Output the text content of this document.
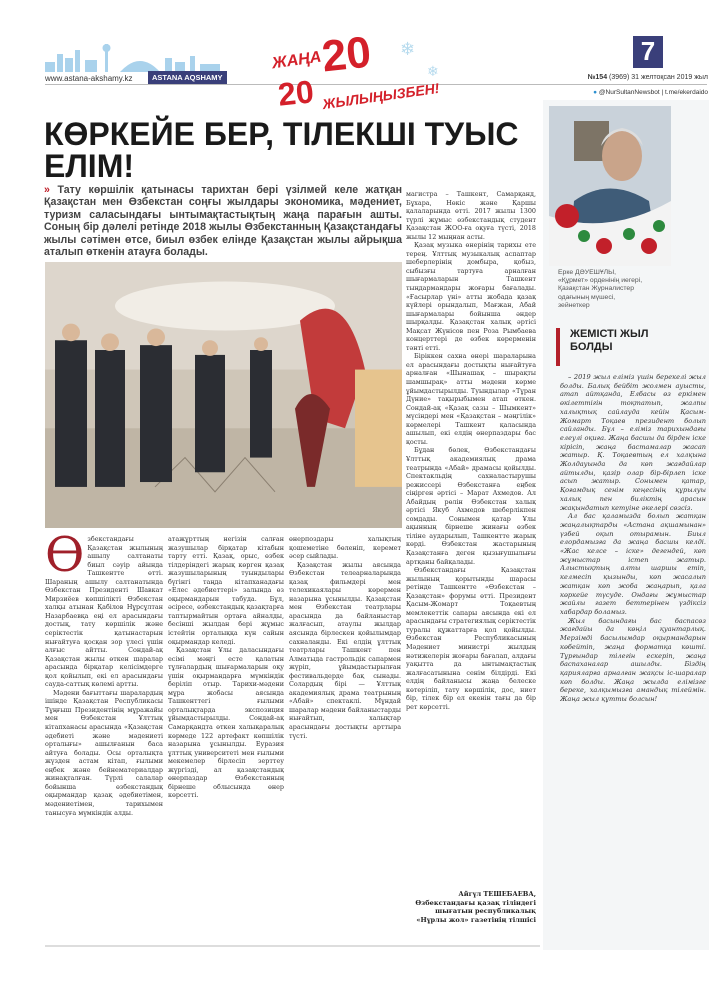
www.astana-akshamy.kz	ASTANA AQSHAMY
ЖАҢА
20
20 ЖЫЛЫҢЫЗБЕН!
❄
❄
7
№154 (3969) 31 желтоқсан 2019 жыл
● @NurSultanNewsbot | t.me/ekerdaido
КӨРКЕЙЕ БЕР, ТІЛЕКШІ ТУЫС ЕЛІМ!
» Тату көршілік қатынасы тарихтан бері үзілмей келе жатқан Қазақстан мен Өзбекстан соңғы жылдары экономика, мәдениет, туризм саласындағы ынтымақтастықтың жаңа парағын ашты. Соның бір дәлелі ретінде 2018 жылы Өзбекстанның Қазақстандағы жылы сәтімен өтсе, биыл өзбек елінде Қазақстан жылы айрықша аталып өткенін атауға болады.
Ө збекстандағы Қазақстан жылының ашылу салтанаты биыл сәуір айында Ташкентте өтті. Шараның ашылу салтанатында Өзбекстан Президенті Шавкат Мирзиёев көпшілікті Өзбекстан халқы атынан Қабілов Нұрсұлтан Назарбаевқа еңі ел арасындағы достық, тату көршілік және серіктестік қатынастарын нығайтуға қосқан зор үлесі үшін алғыс айтты. Сондай-ақ Қазақстан жылы өткен шаралар арасында бірқатар келісімдерге қол қойылып, екі ел арасындағы сауда-саттық көлемі артты.

Мәдени бағыттағы шаралардың ішінде Қазақстан Республикасы Тұңғыш Президентінің мұражайы мен Өзбекстан Ұлттық кітапханасы арасында «Қазақстан әдебиеті және мәдениеті орталығы» ашылғанын баса айтуға болады. Осы орталықта жүзден астам кітап, ғылыми еңбек және бейнематериалдар жинақталған. Түрлі салалар бойынша өзбекстандық оқырмандар қазақ әдебиетімен, мәдениетімен, тарихымен танысуға мүмкіндік алды.

атажұрттың негізін салған жазушылар бірқатар кітабын тарту етті. Қазақ, орыс, өзбек тілдеріндегі жарық көрген қазақ жазушыларының туындылары бүгінгі таңда кітапханадағы «Елес әдебиеттері» залында өз оқырмандарын табуда. Бұл, әсіресе, өзбекстандық қазақтарға таптырмайтын ортаға айналды, бесінші жылдан бері жұмыс істейтін орталыққа күн сайын оқырмандар келеді.

Қазақстан Ұлы даласындағы есімі мәңгі есте қалатын тұлғалардың шығармаларын оқу үшін оқырмандарға мүмкіндік беріліп отыр. Тарихи-мәдени мұра жобасы аясында Ташкенттегі ғылыми орталықтарда экспозиция ұйымдастырылды. Сондай-ақ Самарқандта өткен халықаралық көрмеде 122 артефакт көпшілік назарына ұсынылды. Еуразия ұлттық университеті мен ғылыми мекемелер бірлесіп зерттеу жүргізді, ал қазақстандық өнерпаздар Өзбекстанның бірнеше облысында өнер көрсетті.

өнерпоздары халықтың қошеметіне бөленіп, керемет әсер сыйлады.

Қазақстан жылы аясында Өзбекстан телеарналарында қазақ фильмдері мен телехикаялары көрермен назарына ұсынылды. Қазақстан мен Өзбекстан театрлары арасында да байланыстар жалғасып, атаулы жылдар аясында бірлескен қойылымдар сахналанды. Екі елдің ұлттық театрлары Ташкент пен Алматыда гастрольдік сапармен жүріп, ұйымдастырылған фестивальдерде бақ сынады. Солардың бірі — Ұлттық академиялық драма театрының «Абай» спектаклі. Мұндай шаралар мәдени байланыстарды нығайтып, халықтар арасындағы достықты арттыра түсті.

магистра – Ташкент, Самарқанд, Бұхара, Нөкіс және Қаршы қалаларында өтті. 2017 жылы 1300 түрлі жұмыс өзбекстандық студент Қазақстан ЖОО-ға оқуға түсті, 2018 жылы 12 мыңнан асты.

Қазақ музыка өнерінің тарихы ете терең. Ұлттық музыкалық аспаптар шеберлерінің домбыра, қобыз, сыбызғы тартуға арналған шығармаларын Ташкент тыңдармандары жоғары бағалады. «Ғасырлар үні» атты жобада қазақ күйлері орындалып, Мағжан, Абай шығармалары бойынша әндер шырқалды. Қазақстан халық әртісі Мақсат Жүнісов пен Роза Рымбаева концерттері де өзбек көрерменін тәнті етті.

Біріккен сахна өнері шараларына ел арасындағы достықты нығайтуға арналған «Шынашақ – шырақты шамшырақ» атты мәдени көрме ұйымдастырылды. Туындылар «Тұран Дүние» тақырыбымен атап өткен. Сондай-ақ «Қазақ сазы – Шымкент» мүсіндері мен «Қазақстан – мәңгілік» көрмелері Ташкент қаласында ашылып, екі елдің өнерпаздары бас қосты.

Бұдан бөлек, Өзбекстандағы Ұлттық академиялық драма театрында «Абай» драмасы қойылды. Спектакльдің сахналастырушы режиссері Өзбекстанға еңбек сіңірген әртісі – Марат Ахмедов. Ал Абайдың рөлін Өзбекстан халық әртісі Якуб Ахмедов шеберлікпен сомдады. Сонымен қатар Ұлы ақынның бірнеше жинағы өзбек тіліне аударылып, Ташкентте жарық көрді. Өзбекстан жастарының Қазақстанға деген қызығушылығы артқаны байқалады.

Өзбекстандағы Қазақстан жылының қорытынды шарасы ретінде Ташкентте «Өзбекстан – Қазақстан» форумы өтті. Президент Қасым-Жомарт Тоқаевтың мемлекеттік сапары аясында екі ел арасындағы стратегиялық серіктестік туралы құжаттарға қол қойылды. Өзбекстан Республикасының Мәдениет министрі жылдың нәтижелерін жоғары бағалап, алдағы уақытта да ынтымақтастық жалғасатынына сенім білдірді. Екі елдің байланысы жаңа белеске көтеріліп, тату көршілік, дос, ниет бір, тілек бір ел екенін тағы да бір рет көрсетті.

Айгүл ТЕШЕБАЕВА,
Өзбекстандағы қазақ тіліндегі
шығатын республикалық
«Нұрлы жол» газетінің тілшісі
Ерке ДӘУЕШҰЛЫ,
«Құрмет» орденінің иегері,
Қазақстан Журналистер
одағының мүшесі,
зейнеткер
ЖЕМІСТІ ЖЫЛ
БОЛДЫ

– 2019 жыл еліміз үшін берекелі жыл болды. Балық бейбіт жолмен ауысты, атап айтқанда, Елбасы өз еркімен өкілеттігін тоқтатып, жалпы халықтық сайлауда кейін Қасым-Жомарт Тоқаев президент болып сайланды. Бұл – еліміз тарихындағы елеулі оқиға. Жаңа басшы да бірден іске кірісіп, жаңа бастамалар жасап жатыр. Қ. Тоқаевтың ел халқына Жолдауында да көп жағдайлар айтылды, қазір олар бір-бірлеп іске асып жатыр. Сонымен қатар, Қоғамдық сенім кеңесінің құрылуы халық пен биліктің арасын жақындатып кетуіне әкелері сөзсіз.

Ал бас қаламызда болып жатқан жаңалықтарды «Астана ақшамынан» үзбей оқып отырамын. Биыл елордамызға да жаңа басшы келді. «Жас келсе – іске» дегендей, көп жұмыстар істеп жатыр. Алыстықтың алты шаршы етіп, келмесіп қызынды, көп жасалып жатқан көп жоба жаңарып, қала көркейе түсуде. Ондағы жұмыстар жайлы газет беттерінен үздіксіз хабардар боламыз.

Жыл басындағы бас баспасөз жағдайы да көңіл қуантарлық. Мерзімді басылымдар оқырмандарын көбейтіп, жаңа форматқа көшті. Тұрғындар тілегін ескеріп, жаңа баспаханалар ашылды. Біздің қарияларға арналған жақсы іс-шаралар көп болды. Жаңа жылда елімізге береке, халқымызға амандық тілеймін. Жаңа жыл құтты болсын!
